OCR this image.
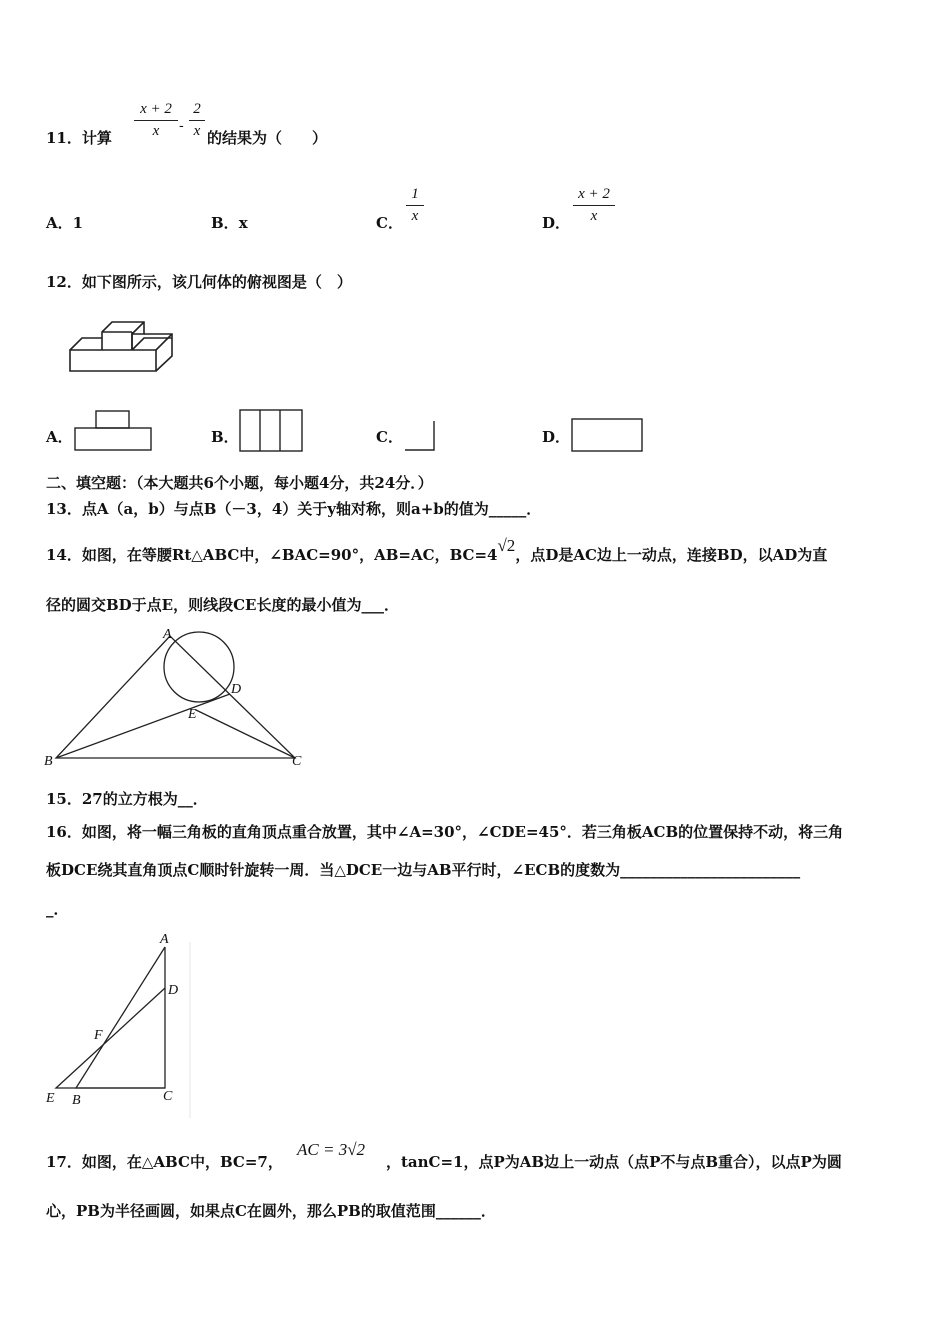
11．计算 $\frac{x + 2}{x} - \frac{2}{x}$ 的结果为（　　）
A．1	B．x	C． $\frac{1}{x}$	D． $\frac{x + 2}{x}$
12．如下图所示，该几何体的俯视图是（　）
A．	B．	C．	D．
二、填空题：（本大题共6个小题，每小题4分，共24分．）
13．点A（a，b）与点B（－3，4）关于y轴对称，则a+b的值为_____．
14．如图，在等腰Rt△ABC中，∠BAC=90°，AB=AC，BC=4√2，点D是AC边上一动点，连接BD，以AD为直
径的圆交BD于点E，则线段CE长度的最小值为___．
A
B	C
D
E
15．27的立方根为__．
16．如图，将一幅三角板的直角顶点重合放置，其中∠A=30°，∠CDE=45°．若三角板ACB的位置保持不动，将三角
板DCE绕其直角顶点C顺时针旋转一周．当△DCE一边与AB平行时，∠ECB的度数为________________________
_．
A
D
F
E B	C
17．如图，在△ABC中，BC=7，
AC = 3√2
，tanC=1，点P为AB边上一动点（点P不与点B重合），以点P为圆
心，PB为半径画圆，如果点C在圆外，那么PB的取值范围______．
